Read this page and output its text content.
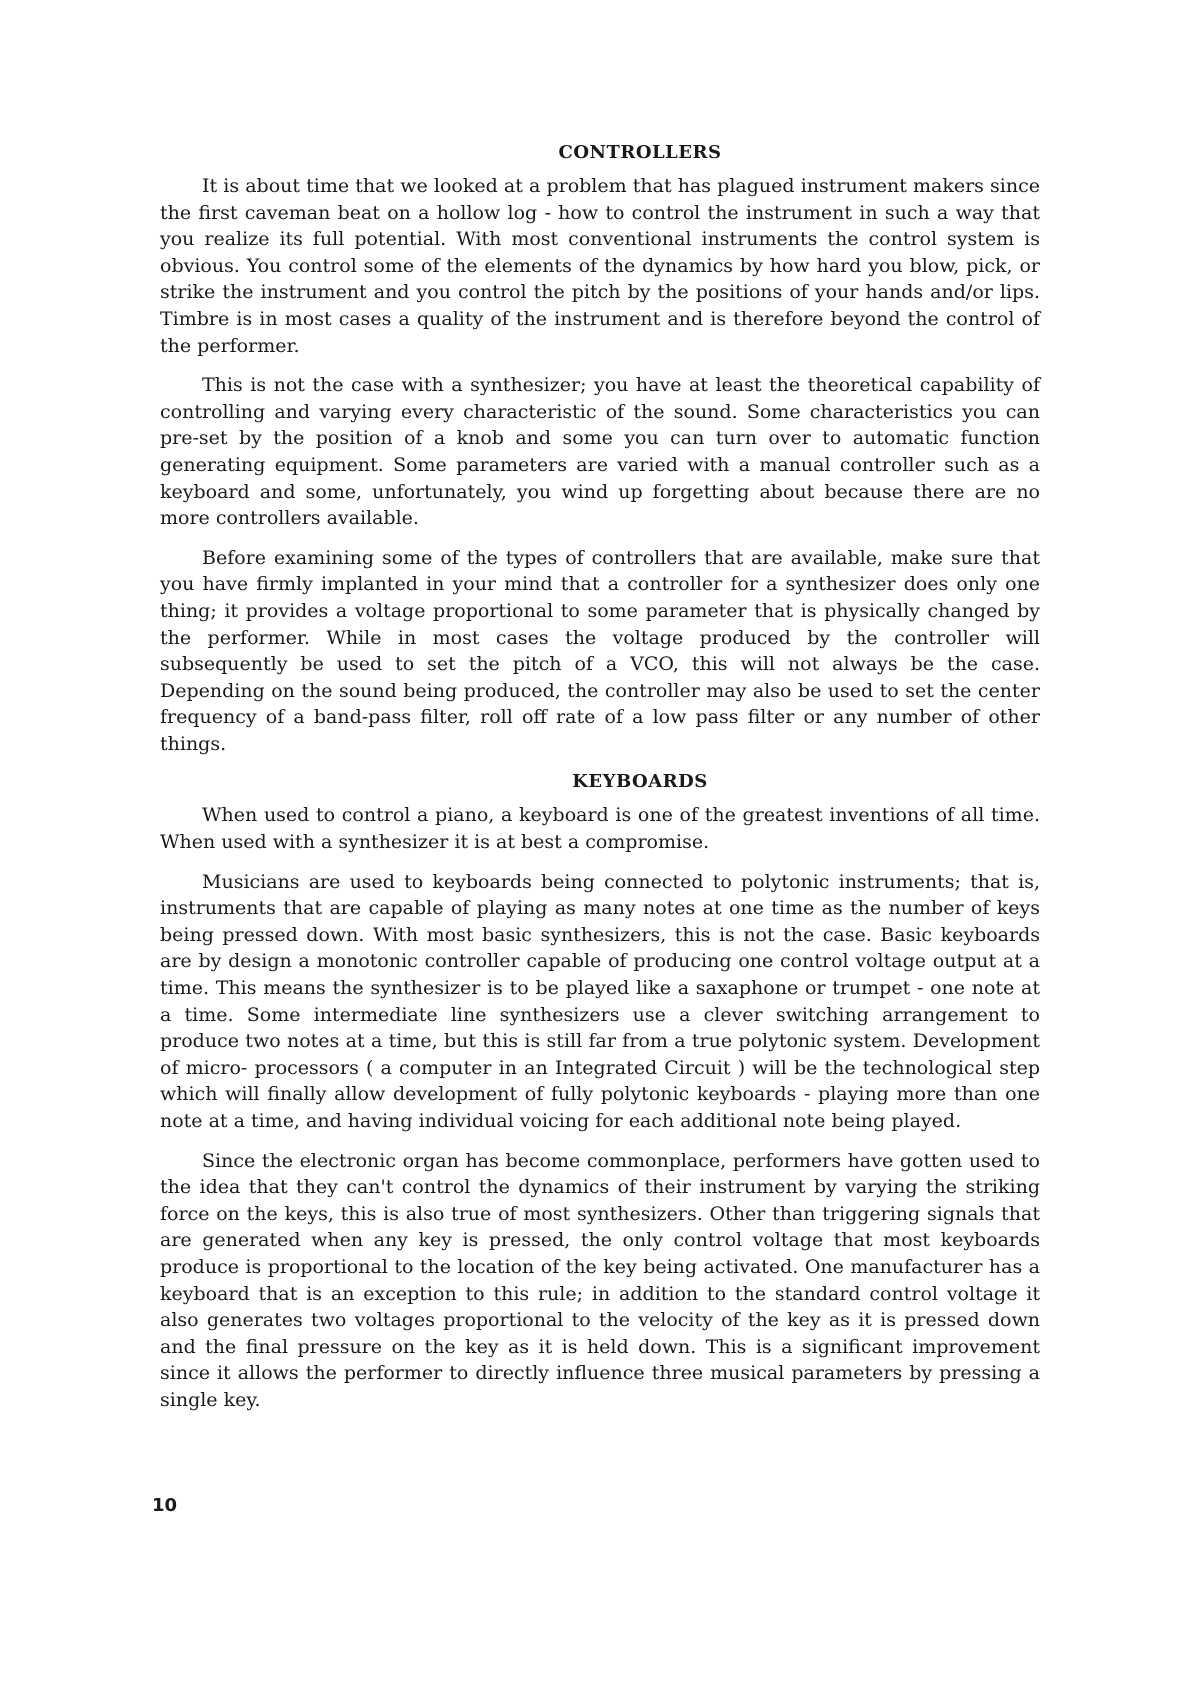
CONTROLLERS

It is about time that we looked at a problem that has plagued instrument makers since the first caveman beat on a hollow log - how to control the instrument in such a way that you realize its full potential. With most conventional instruments the control system is obvious. You control some of the elements of the dynamics by how hard you blow, pick, or strike the instrument and you control the pitch by the positions of your hands and/or lips. Timbre is in most cases a quality of the instrument and is therefore beyond the control of the performer.

This is not the case with a synthesizer; you have at least the theoretical capability of controlling and varying every characteristic of the sound. Some characteristics you can pre-set by the position of a knob and some you can turn over to automatic function generating equipment. Some parameters are varied with a manual controller such as a keyboard and some, unfortunately, you wind up forgetting about because there are no more controllers available.

Before examining some of the types of controllers that are available, make sure that you have firmly implanted in your mind that a controller for a synthesizer does only one thing; it provides a voltage proportional to some parameter that is physically changed by the performer. While in most cases the voltage produced by the controller will subsequently be used to set the pitch of a VCO, this will not always be the case. Depending on the sound being produced, the controller may also be used to set the center frequency of a band-pass filter, roll off rate of a low pass filter or any number of other things.

KEYBOARDS

When used to control a piano, a keyboard is one of the greatest inventions of all time. When used with a synthesizer it is at best a compromise.

Musicians are used to keyboards being connected to polytonic instruments; that is, instruments that are capable of playing as many notes at one time as the number of keys being pressed down. With most basic synthesizers, this is not the case. Basic keyboards are by design a monotonic controller capable of producing one control voltage output at a time. This means the synthesizer is to be played like a saxaphone or trumpet - one note at a time. Some intermediate line synthesizers use a clever switching arrangement to produce two notes at a time, but this is still far from a true polytonic system. Development of micro- processors ( a computer in an Integrated Circuit ) will be the technological step which will finally allow development of fully polytonic keyboards - playing more than one note at a time, and having individual voicing for each additional note being played.

Since the electronic organ has become commonplace, performers have gotten used to the idea that they can't control the dynamics of their instrument by varying the striking force on the keys, this is also true of most synthesizers. Other than triggering signals that are generated when any key is pressed, the only control voltage that most keyboards produce is proportional to the location of the key being activated. One manufacturer has a keyboard that is an exception to this rule; in addition to the standard control voltage it also generates two voltages proportional to the velocity of the key as it is pressed down and the final pressure on the key as it is held down. This is a significant improvement since it allows the performer to directly influence three musical parameters by pressing a single key.

10
